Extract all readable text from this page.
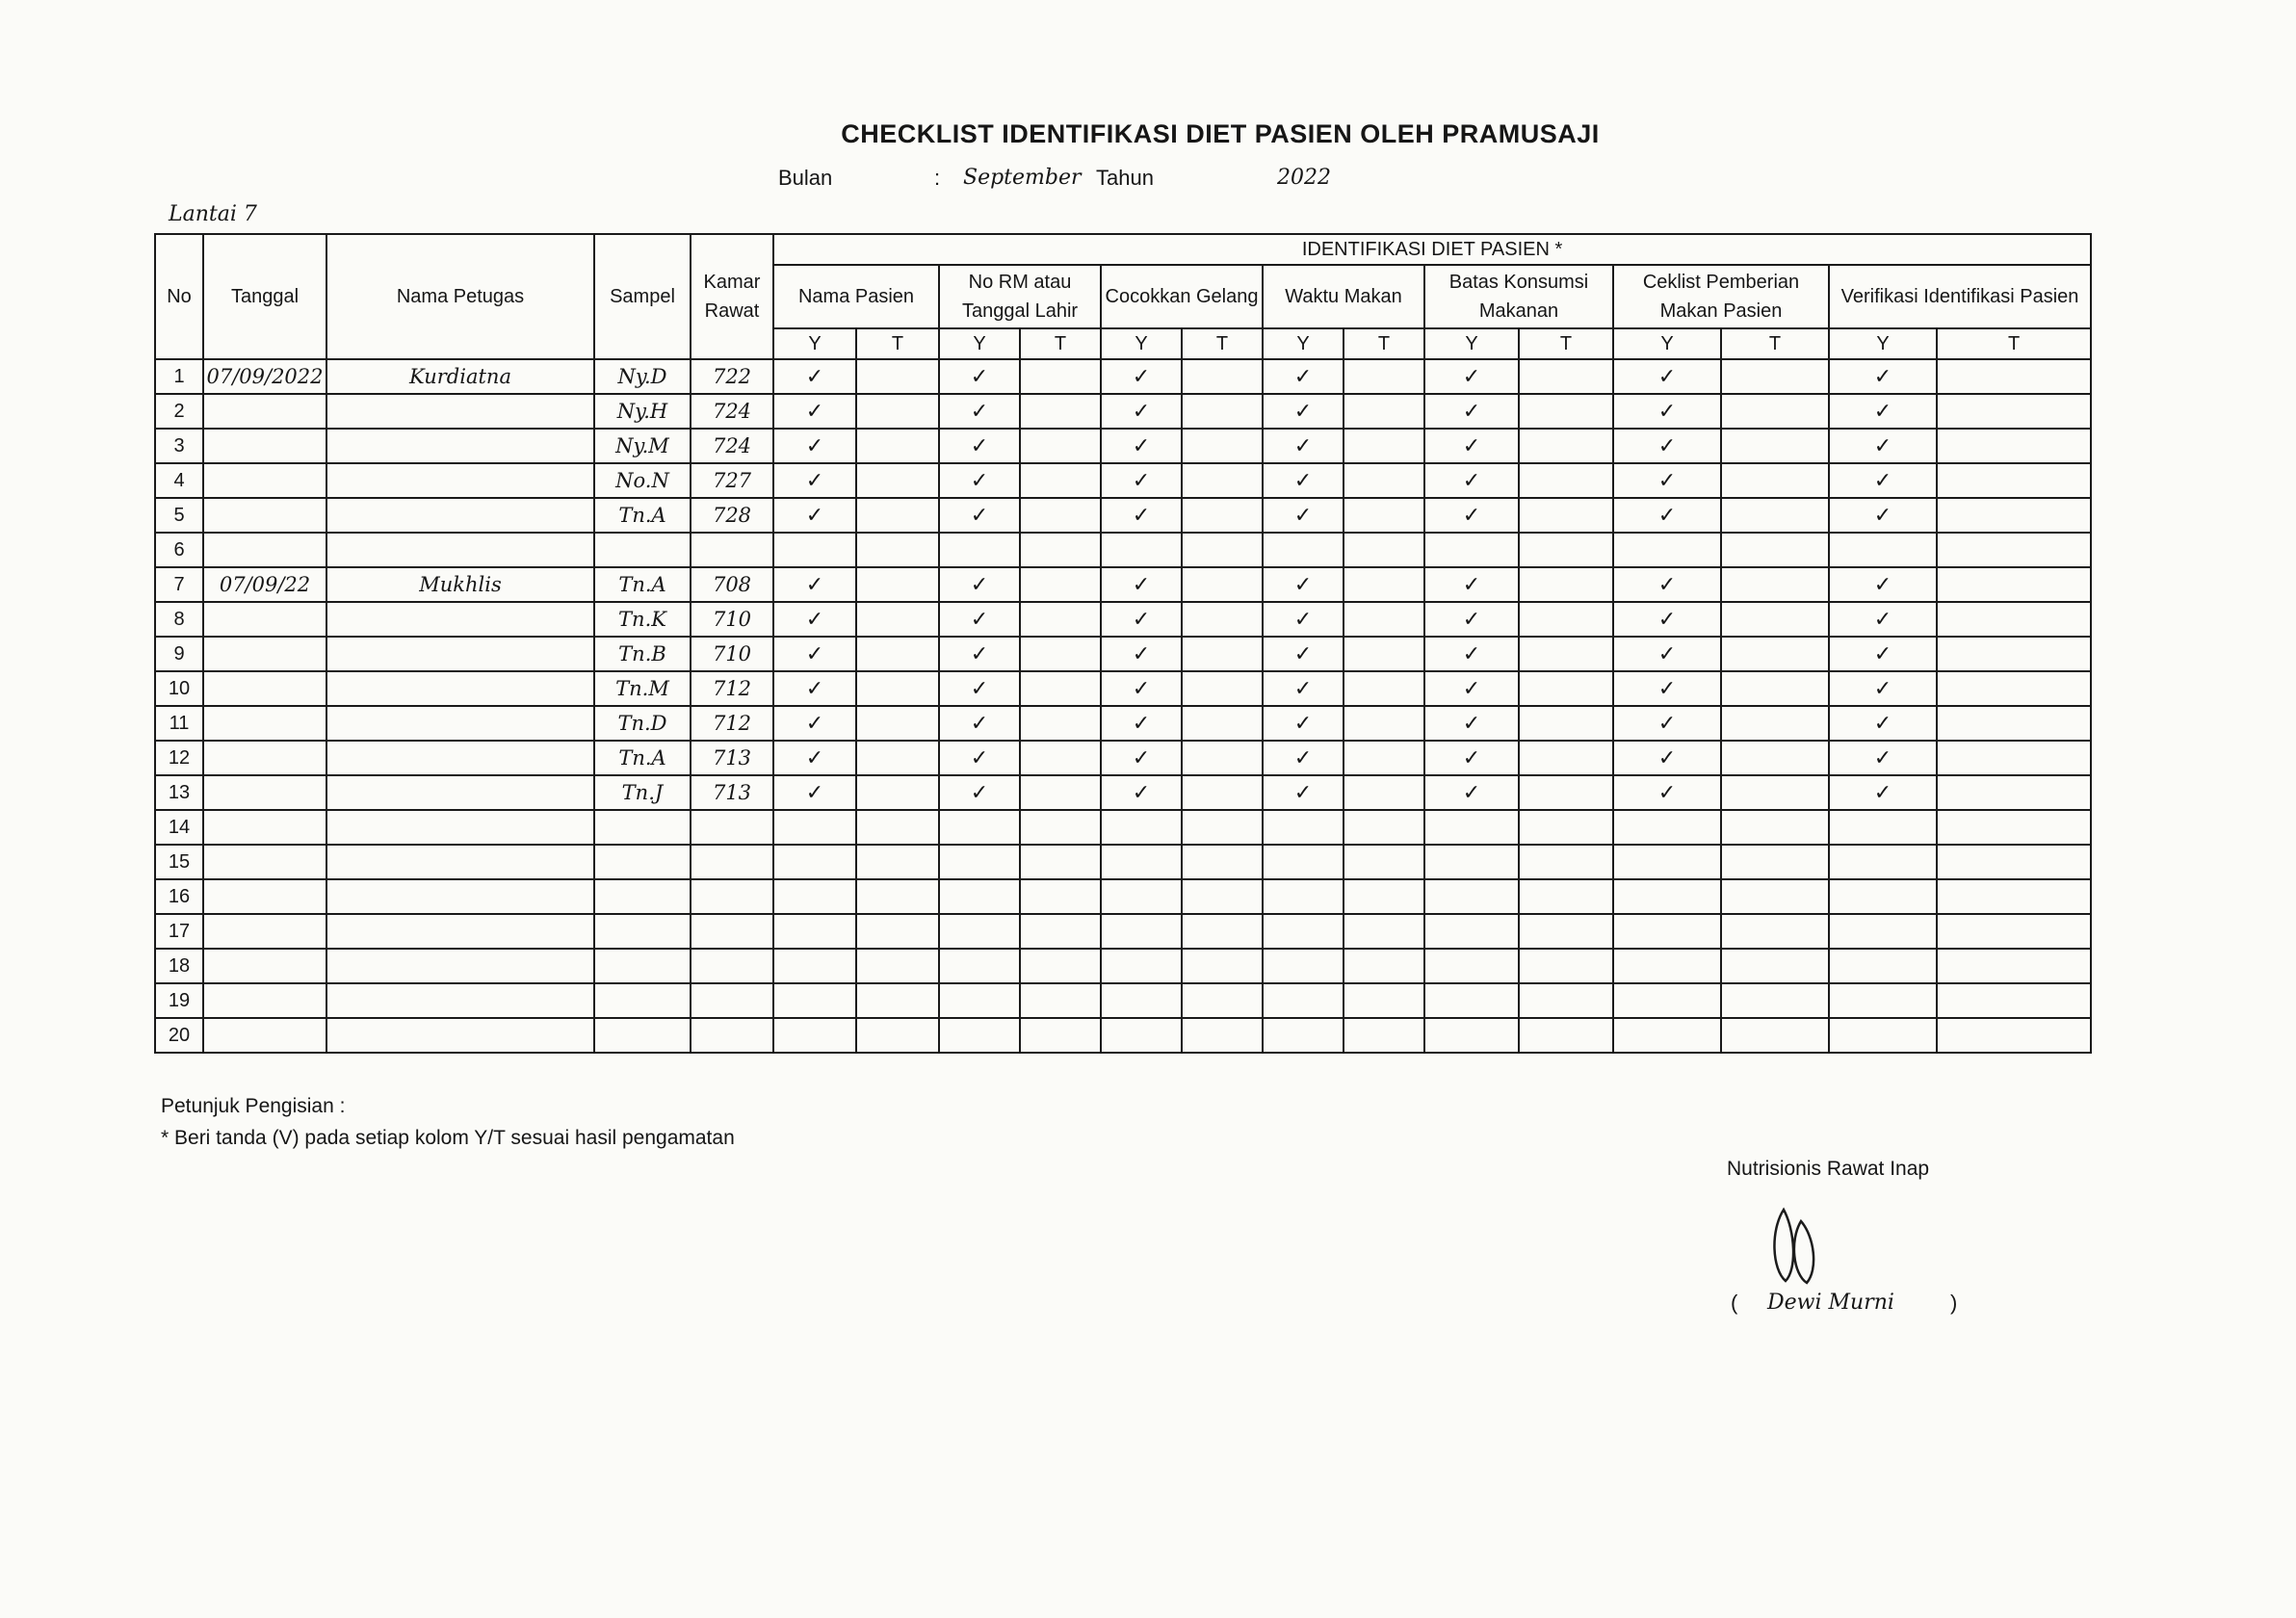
CHECKLIST IDENTIFIKASI DIET PASIEN OLEH PRAMUSAJI
Bulan	: September Tahun	2022
Lantai 7
No	Tanggal	Nama Petugas	Sampel	Kamar Rawat	IDENTIFIKASI DIET PASIEN *													
					Nama Pasien		No RM atau Tanggal Lahir		Cocokkan Gelang		Waktu Makan		Batas Konsumsi Makanan		Ceklist Pemberian Makan Pasien		Verifikasi Identifikasi Pasien	
					Y	T	Y	T	Y	T	Y	T	Y	T	Y	T	Y	T
1	07/09/2022	Kurdiatna	Ny.D	722	✓		✓		✓		✓		✓		✓		✓	
2			Ny.H	724	✓		✓		✓		✓		✓		✓		✓	
3			Ny.M	724	✓		✓		✓		✓		✓		✓		✓	
4			No.N	727	✓		✓		✓		✓		✓		✓		✓	
5			Tn.A	728	✓		✓		✓		✓		✓		✓		✓	
6																		
7	07/09/22	Mukhlis	Tn.A	708	✓		✓		✓		✓		✓		✓		✓	
8			Tn.K	710	✓		✓		✓		✓		✓		✓		✓	
9			Tn.B	710	✓		✓		✓		✓		✓		✓		✓	
10			Tn.M	712	✓		✓		✓		✓		✓		✓		✓	
11			Tn.D	712	✓		✓		✓		✓		✓		✓		✓	
12			Tn.A	713	✓		✓		✓		✓		✓		✓		✓	
13			Tn.J	713	✓		✓		✓		✓		✓		✓		✓	
14																		
15																		
16																		
17																		
18																		
19																		
20																		
Petunjuk Pengisian :
* Beri tanda (V) pada setiap kolom Y/T sesuai hasil pengamatan
Nutrisionis Rawat Inap
( Dewi Murni	)
